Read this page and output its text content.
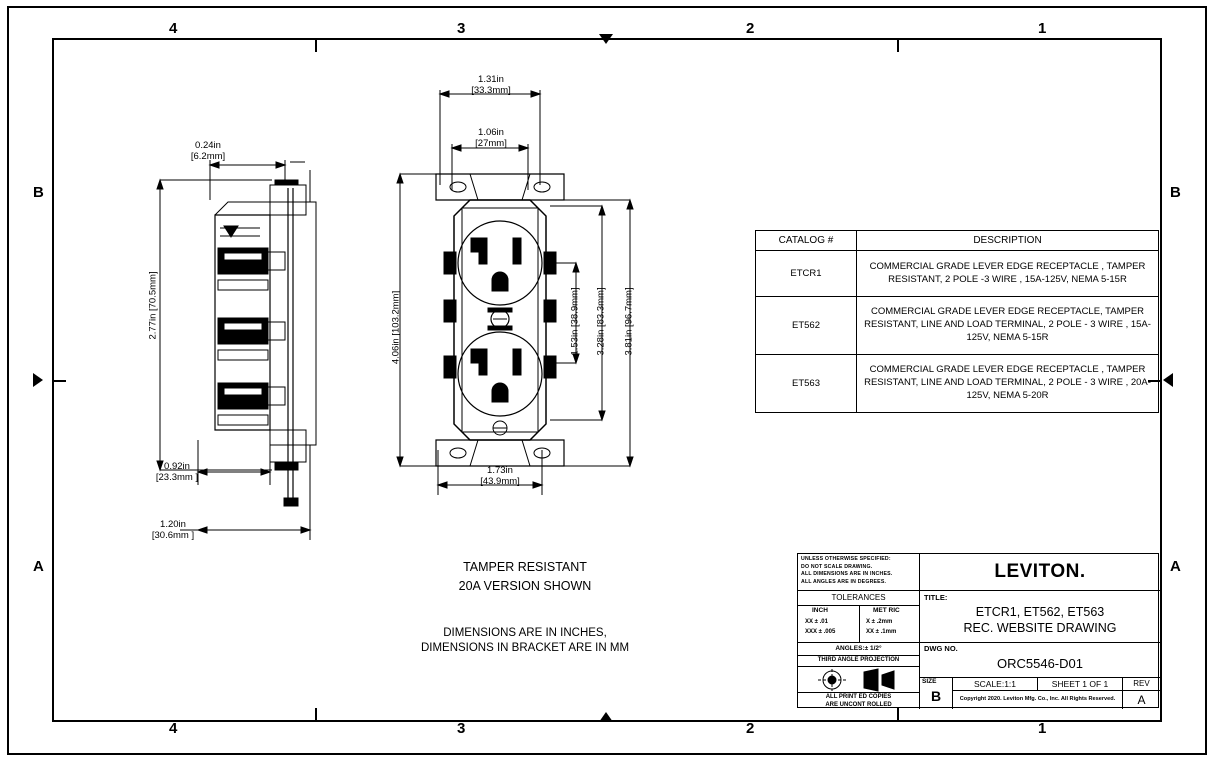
4	3	2	1
4	3	2	1
B
A
B
A
0.24in
[6.2mm]
2.77in [70.5mm]
0.92in
[23.3mm ]
1.20in
[30.6mm ]
1.31in
[33.3mm]
1.06in
[27mm]
4.06in [103.2mm]
1.53in [38.9mm]
3.28in [83.3mm]
3.81in [96.7mm]
1.73in
[43.9mm]
TAMPER RESISTANT
20A VERSION SHOWN
DIMENSIONS ARE IN INCHES,
DIMENSIONS IN BRACKET ARE IN MM
CATALOG #	DESCRIPTION
ETCR1	COMMERCIAL GRADE LEVER EDGE RECEPTACLE , TAMPER RESISTANT, 2 POLE -3 WIRE , 15A-125V, NEMA 5-15R
ET562	COMMERCIAL GRADE LEVER EDGE RECEPTACLE, TAMPER RESISTANT, LINE AND LOAD TERMINAL, 2 POLE - 3 WIRE , 15A-125V, NEMA 5-15R
ET563	COMMERCIAL GRADE LEVER EDGE RECEPTACLE , TAMPER RESISTANT, LINE AND LOAD TERMINAL, 2 POLE - 3 WIRE , 20A-125V, NEMA 5-20R
UNLESS OTHERWISE SPECIFIED:
DO NOT SCALE DRAWING.
ALL DIMENSIONS ARE IN INCHES.
ALL ANGLES ARE IN DEGREES.
TOLERANCES
INCH	MET RIC
XX ± .01
XXX ± .005
X ± .2mm
XX ± .1mm
ANGLES:± 1/2°
THIRD ANGLE PROJECTION
ALL PRINT ED COPIES
ARE UNCONT ROLLED
LEVITON.
TITLE:
ETCR1, ET562, ET563
REC. WEBSITE DRAWING
DWG NO.
ORC5546-D01
SIZE
B
SCALE:1:1	SHEET 1 OF 1	REV
Copyright 2020. Leviton Mfg. Co., Inc. All Rights Reserved.	A
